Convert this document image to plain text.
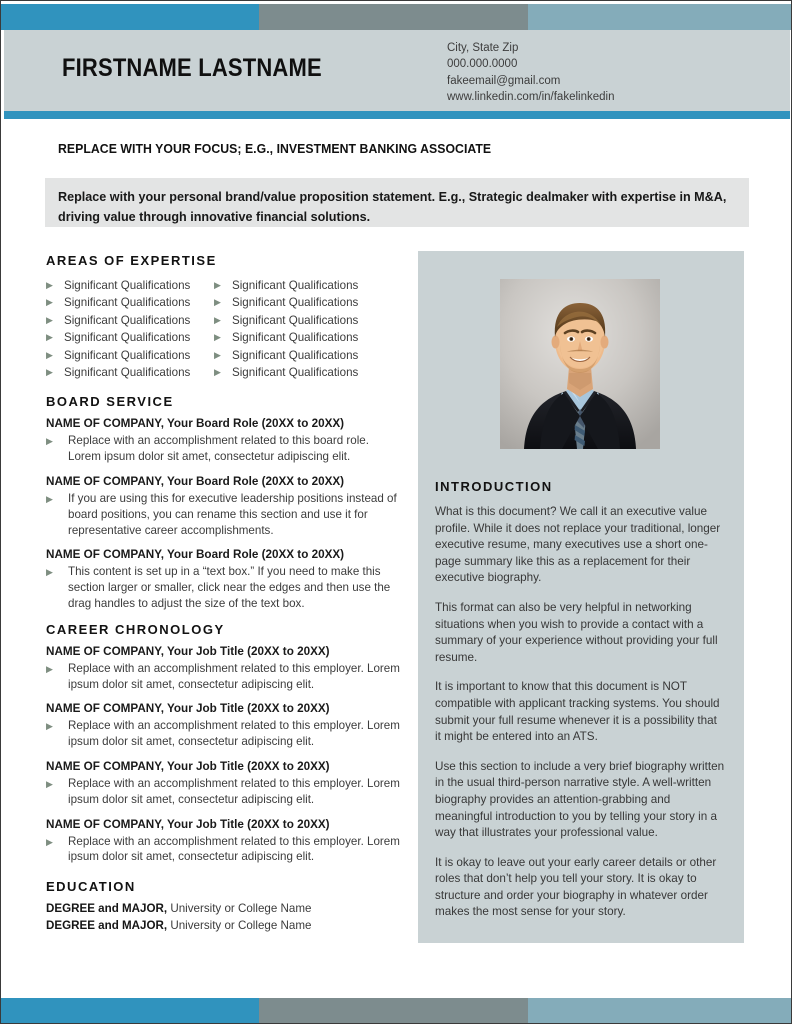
FIRSTNAME LASTNAME
City, State Zip
000.000.0000
fakeemail@gmail.com
www.linkedin.com/in/fakelinkedin
REPLACE WITH YOUR FOCUS; E.G., INVESTMENT BANKING ASSOCIATE

Replace with your personal brand/value proposition statement. E.g., Strategic dealmaker with expertise in M&A, driving value through innovative financial solutions.

AREAS OF EXPERTISE
▶ Significant Qualifications	▶ Significant Qualifications
▶ Significant Qualifications	▶ Significant Qualifications
▶ Significant Qualifications	▶ Significant Qualifications
▶ Significant Qualifications	▶ Significant Qualifications
▶ Significant Qualifications	▶ Significant Qualifications
▶ Significant Qualifications	▶ Significant Qualifications
BOARD SERVICE
NAME OF COMPANY, Your Board Role (20XX to 20XX)
▶	Replace with an accomplishment related to this board role. Lorem ipsum dolor sit amet, consectetur adipiscing elit.
NAME OF COMPANY, Your Board Role (20XX to 20XX)
▶	If you are using this for executive leadership positions instead of board positions, you can rename this section and use it for representative career accomplishments.
NAME OF COMPANY, Your Board Role (20XX to 20XX)
▶	This content is set up in a “text box.” If you need to make this section larger or smaller, click near the edges and then use the drag handles to adjust the size of the text box.
CAREER CHRONOLOGY
NAME OF COMPANY, Your Job Title (20XX to 20XX)
▶	Replace with an accomplishment related to this employer. Lorem ipsum dolor sit amet, consectetur adipiscing elit.
NAME OF COMPANY, Your Job Title (20XX to 20XX)
▶	Replace with an accomplishment related to this employer. Lorem ipsum dolor sit amet, consectetur adipiscing elit.
NAME OF COMPANY, Your Job Title (20XX to 20XX)
▶	Replace with an accomplishment related to this employer. Lorem ipsum dolor sit amet, consectetur adipiscing elit.
NAME OF COMPANY, Your Job Title (20XX to 20XX)
▶	Replace with an accomplishment related to this employer. Lorem ipsum dolor sit amet, consectetur adipiscing elit.
EDUCATION
DEGREE and MAJOR, University or College Name
DEGREE and MAJOR, University or College Name
INTRODUCTION

What is this document? We call it an executive value profile. While it does not replace your traditional, longer executive resume, many executives use a short one-page summary like this as a replacement for their executive biography.

This format can also be very helpful in networking situations when you wish to provide a contact with a summary of your experience without providing your full resume.

It is important to know that this document is NOT compatible with applicant tracking systems. You should submit your full resume whenever it is a possibility that it might be entered into an ATS.

Use this section to include a very brief biography written in the usual third-person narrative style. A well-written biography provides an attention-grabbing and meaningful introduction to you by telling your story in a way that illustrates your professional value.

It is okay to leave out your early career details or other roles that don’t help you tell your story. It is okay to structure and order your biography in whatever order makes the most sense for your story.
